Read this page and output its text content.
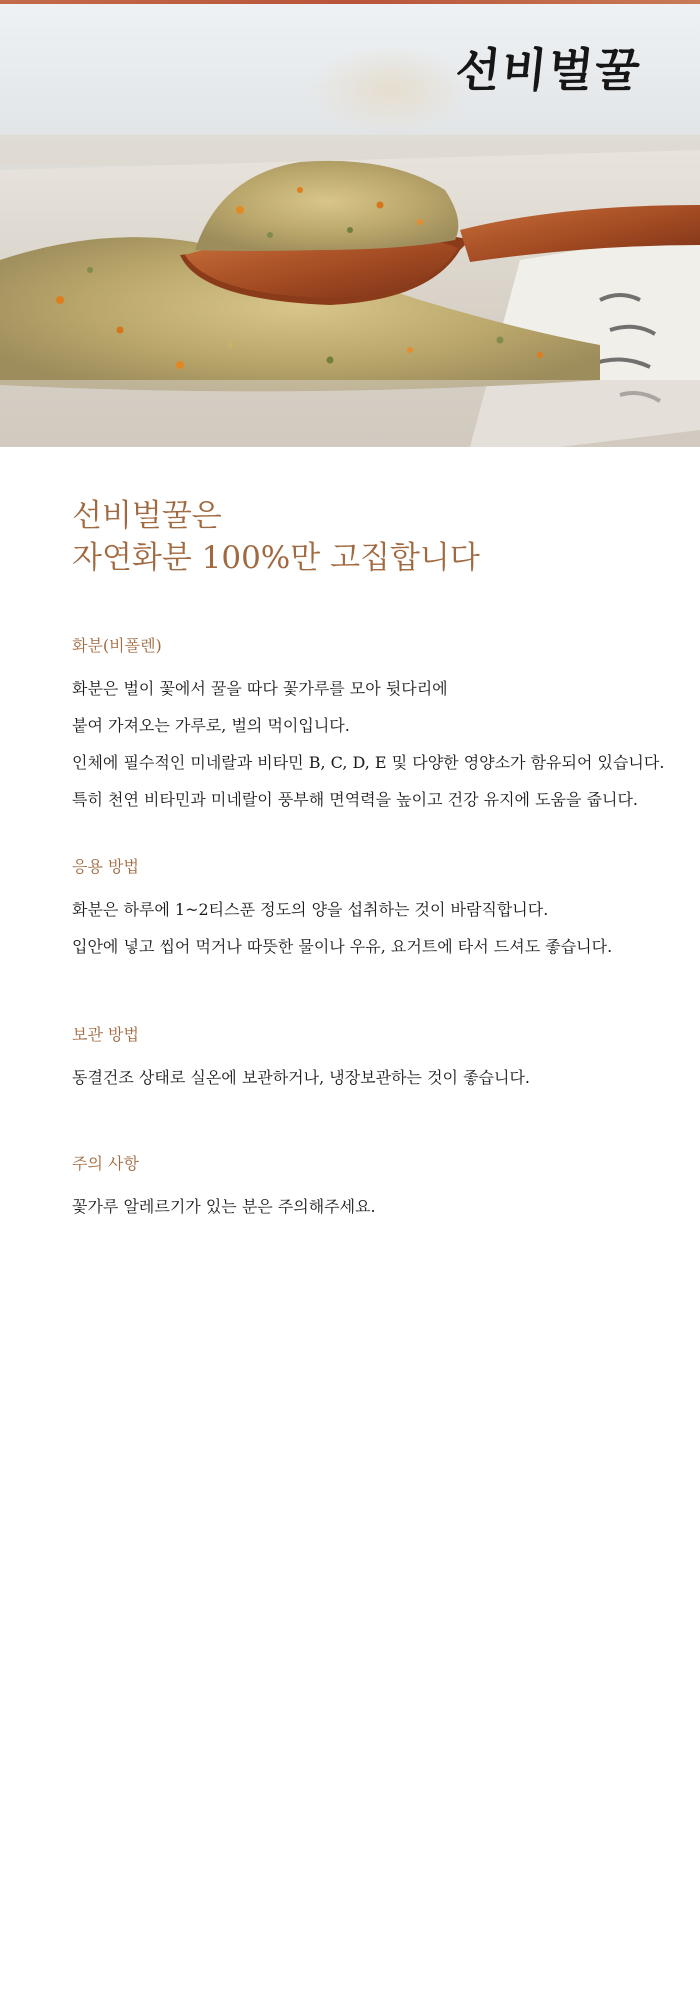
선비벌꿀
선비벌꿀은
자연화분 100%만 고집합니다
화분(비폴렌)

화분은 벌이 꽃에서 꿀을 따다 꽃가루를 모아 뒷다리에

붙여 가져오는 가루로, 벌의 먹이입니다.

인체에 필수적인 미네랄과 비타민 B, C, D, E 및 다양한 영양소가 함유되어 있습니다.

특히 천연 비타민과 미네랄이 풍부해 면역력을 높이고 건강 유지에 도움을 줍니다.

응용 방법

화분은 하루에 1~2티스푼 정도의 양을 섭취하는 것이 바람직합니다.

입안에 넣고 씹어 먹거나 따뜻한 물이나 우유, 요거트에 타서 드셔도 좋습니다.

보관 방법

동결건조 상태로 실온에 보관하거나, 냉장보관하는 것이 좋습니다.

주의 사항

꽃가루 알레르기가 있는 분은 주의해주세요.
